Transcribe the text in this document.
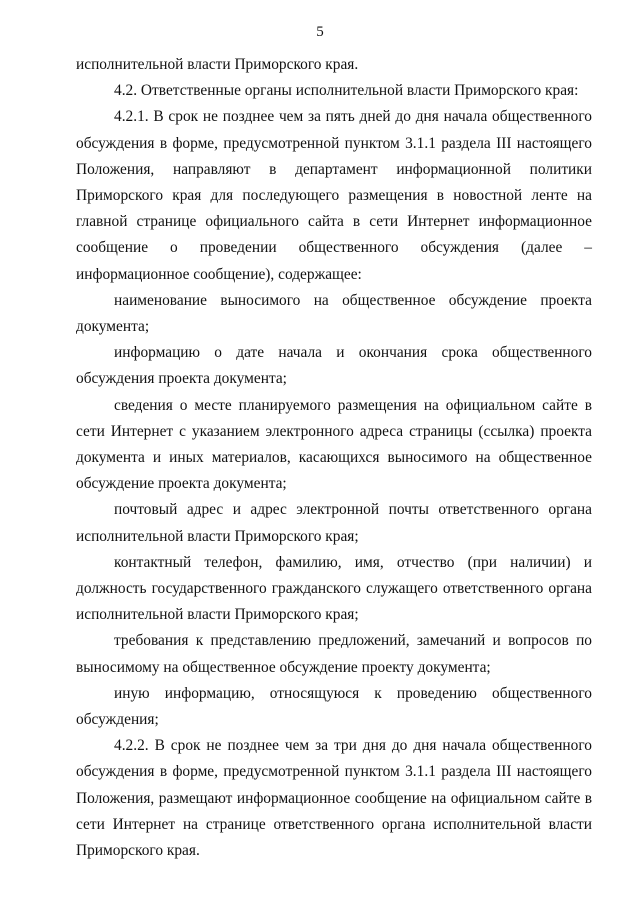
5

исполнительной власти Приморского края.

4.2. Ответственные органы исполнительной власти Приморского края:

4.2.1. В срок не позднее чем за пять дней до дня начала общественного обсуждения в форме, предусмотренной пунктом 3.1.1 раздела III настоящего Положения, направляют в департамент информационной политики Приморского края для последующего размещения в новостной ленте на главной странице официального сайта в сети Интернет информационное сообщение о проведении общественного обсуждения (далее – информационное сообщение), содержащее:

наименование выносимого на общественное обсуждение проекта документа;

информацию о дате начала и окончания срока общественного обсуждения проекта документа;

сведения о месте планируемого размещения на официальном сайте в сети Интернет с указанием электронного адреса страницы (ссылка) проекта документа и иных материалов, касающихся выносимого на общественное обсуждение проекта документа;

почтовый адрес и адрес электронной почты ответственного органа исполнительной власти Приморского края;

контактный телефон, фамилию, имя, отчество (при наличии) и должность государственного гражданского служащего ответственного органа исполнительной власти Приморского края;

требования к представлению предложений, замечаний и вопросов по выносимому на общественное обсуждение проекту документа;

иную информацию, относящуюся к проведению общественного обсуждения;

4.2.2. В срок не позднее чем за три дня до дня начала общественного обсуждения в форме, предусмотренной пунктом 3.1.1 раздела III настоящего Положения, размещают информационное сообщение на официальном сайте в сети Интернет на странице ответственного органа исполнительной власти Приморского края.
